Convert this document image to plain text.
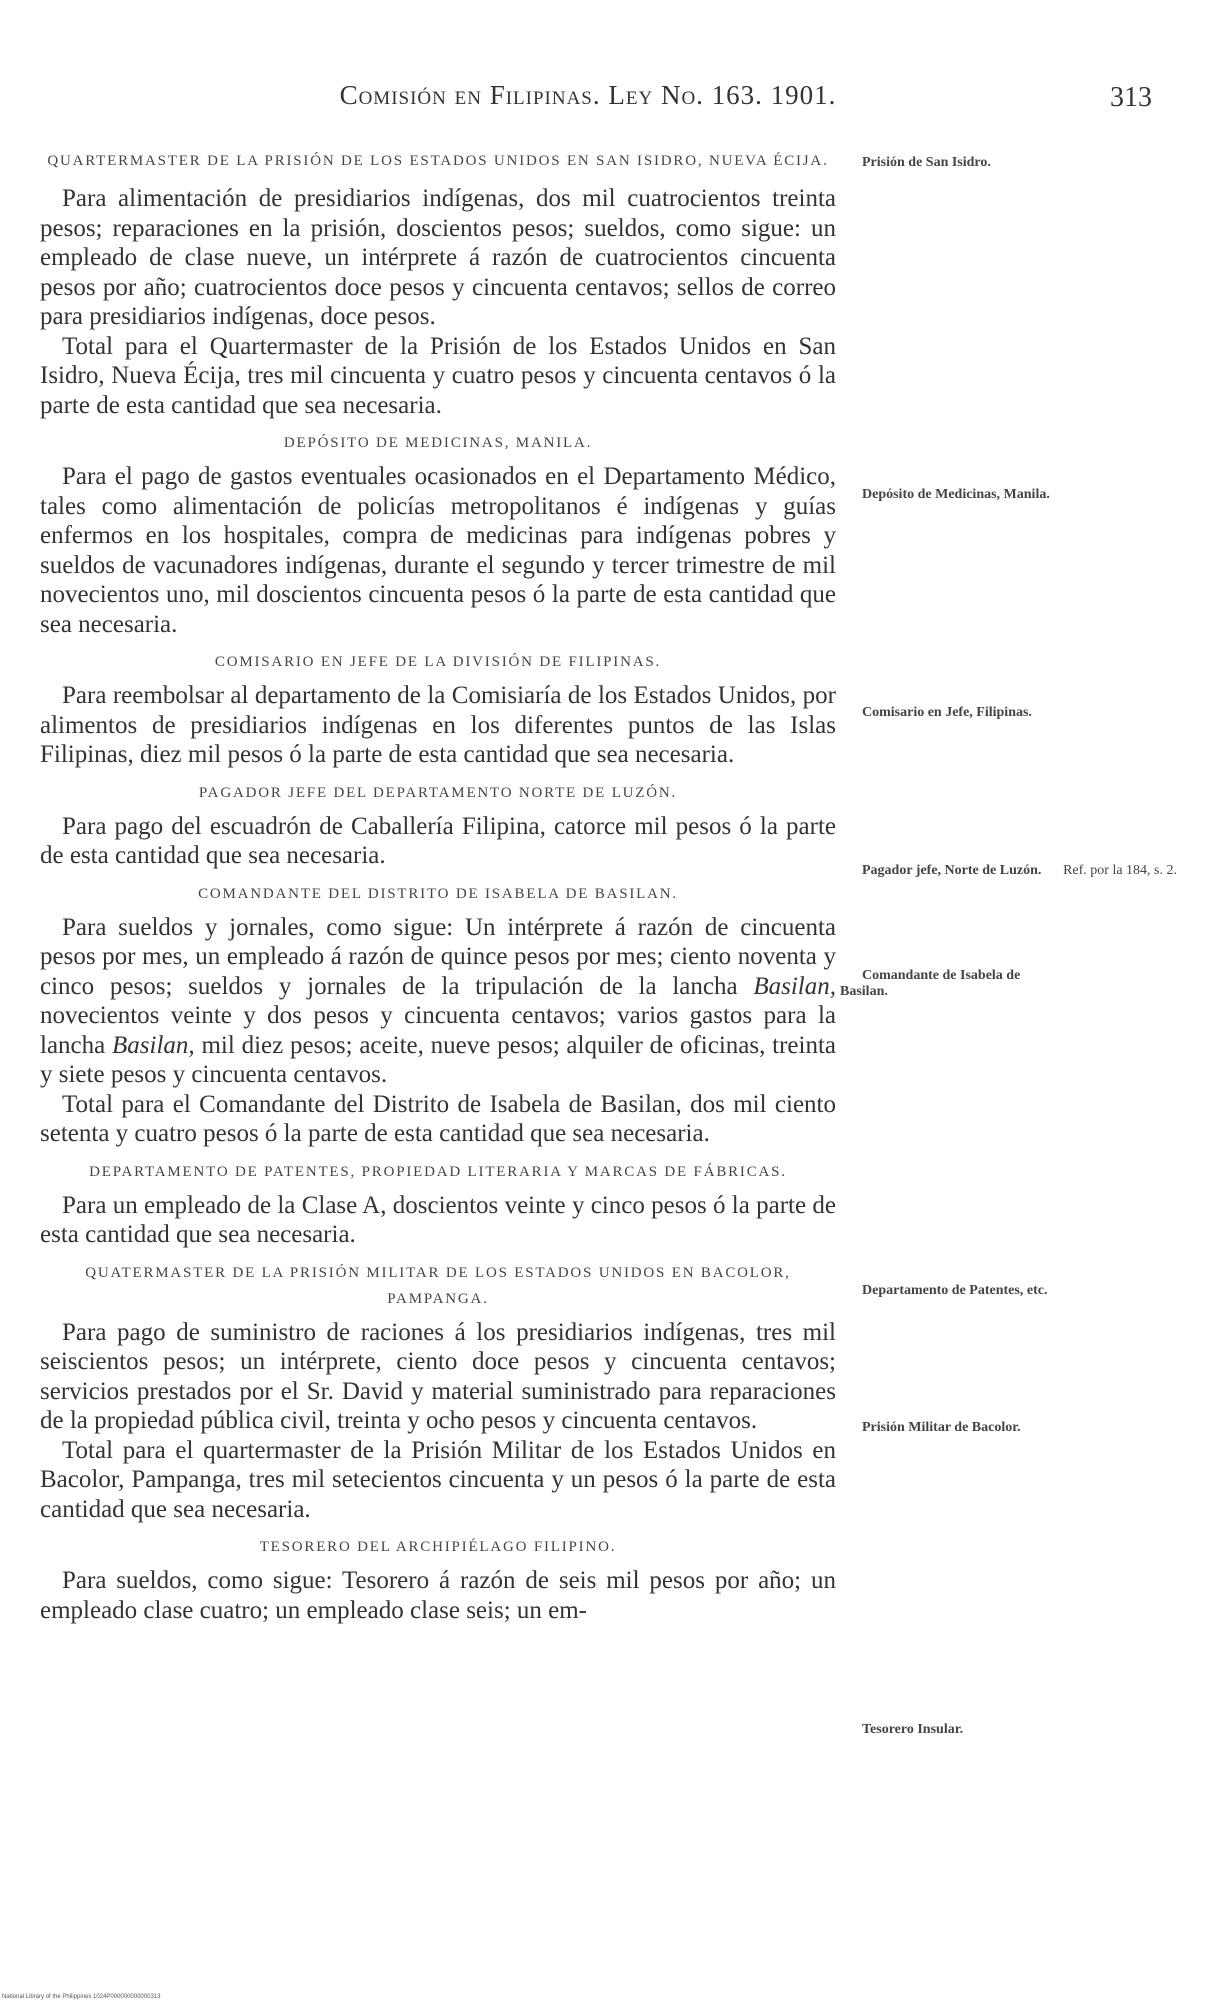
Comisión en Filipinas. Ley No. 163. 1901.	313

QUARTERMASTER DE LA PRISIÓN DE LOS ESTADOS UNIDOS EN SAN ISIDRO, NUEVA ÉCIJA.

Para alimentación de presidiarios indígenas, dos mil cuatrocientos treinta pesos; reparaciones en la prisión, doscientos pesos; sueldos, como sigue: un empleado de clase nueve, un intérprete á razón de cuatrocientos cincuenta pesos por año; cuatrocientos doce pesos y cincuenta centavos; sellos de correo para presidiarios indígenas, doce pesos.

Total para el Quartermaster de la Prisión de los Estados Unidos en San Isidro, Nueva Écija, tres mil cincuenta y cuatro pesos y cincuenta centavos ó la parte de esta cantidad que sea necesaria.

DEPÓSITO DE MEDICINAS, MANILA.

Para el pago de gastos eventuales ocasionados en el Departamento Médico, tales como alimentación de policías metropolitanos é indígenas y guías enfermos en los hospitales, compra de medicinas para indígenas pobres y sueldos de vacunadores indígenas, durante el segundo y tercer trimestre de mil novecientos uno, mil doscientos cincuenta pesos ó la parte de esta cantidad que sea necesaria.

COMISARIO EN JEFE DE LA DIVISIÓN DE FILIPINAS.

Para reembolsar al departamento de la Comisiaría de los Estados Unidos, por alimentos de presidiarios indígenas en los diferentes puntos de las Islas Filipinas, diez mil pesos ó la parte de esta cantidad que sea necesaria.

PAGADOR JEFE DEL DEPARTAMENTO NORTE DE LUZÓN.

Para pago del escuadrón de Caballería Filipina, catorce mil pesos ó la parte de esta cantidad que sea necesaria.

COMANDANTE DEL DISTRITO DE ISABELA DE BASILAN.

Para sueldos y jornales, como sigue: Un intérprete á razón de cincuenta pesos por mes, un empleado á razón de quince pesos por mes; ciento noventa y cinco pesos; sueldos y jornales de la tripulación de la lancha Basilan, novecientos veinte y dos pesos y cincuenta centavos; varios gastos para la lancha Basilan, mil diez pesos; aceite, nueve pesos; alquiler de oficinas, treinta y siete pesos y cincuenta centavos.

Total para el Comandante del Distrito de Isabela de Basilan, dos mil ciento setenta y cuatro pesos ó la parte de esta cantidad que sea necesaria.

DEPARTAMENTO DE PATENTES, PROPIEDAD LITERARIA Y MARCAS DE FÁBRICAS.

Para un empleado de la Clase A, doscientos veinte y cinco pesos ó la parte de esta cantidad que sea necesaria.

QUATERMASTER DE LA PRISIÓN MILITAR DE LOS ESTADOS UNIDOS EN BACOLOR, PAMPANGA.

Para pago de suministro de raciones á los presidiarios indígenas, tres mil seiscientos pesos; un intérprete, ciento doce pesos y cincuenta centavos; servicios prestados por el Sr. David y material suministrado para reparaciones de la propiedad pública civil, treinta y ocho pesos y cincuenta centavos.

Total para el quartermaster de la Prisión Militar de los Estados Unidos en Bacolor, Pampanga, tres mil setecientos cincuenta y un pesos ó la parte de esta cantidad que sea necesaria.

TESORERO DEL ARCHIPIÉLAGO FILIPINO.

Para sueldos, como sigue: Tesorero á razón de seis mil pesos por año; un empleado clase cuatro; un empleado clase seis; un em-

Prisión de San Isidro.
Depósito de Medicinas, Manila.
Comisario en Jefe, Filipinas.
Pagador jefe, Norte de Luzón.	Ref. por la 184, s. 2.
Comandante de Isabela de Basilan.
Departamento de Patentes, etc.
Prisión Militar de Bacolor.
Tesorero Insular.
National Library of the Philippines 1024P000000000000313
